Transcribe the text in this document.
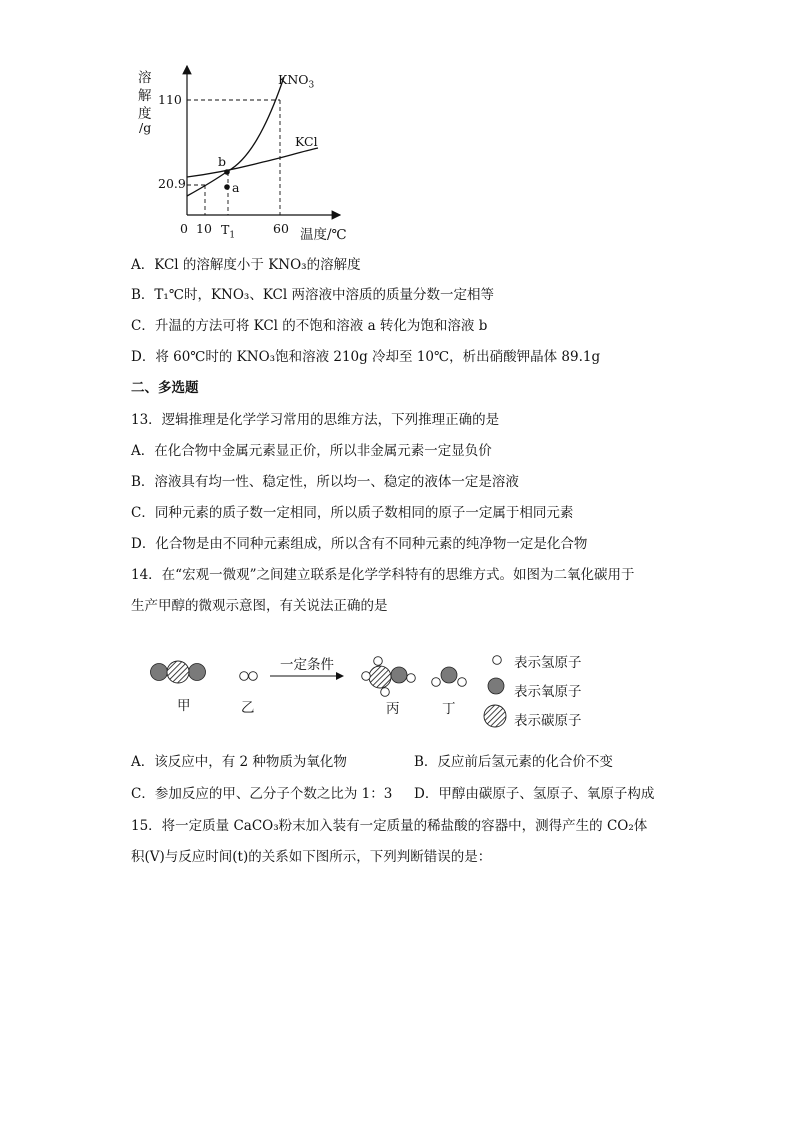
溶
解
度
/g
110
20.9
0 10 $T_1$	60 温度/℃
$KNO_3$
KCl
b
a
A．KCl 的溶解度小于 KNO₃的溶解度
B．T₁℃时，KNO₃、KCl 两溶液中溶质的质量分数一定相等
C．升温的方法可将 KCl 的不饱和溶液 a 转化为饱和溶液 b
D．将 60℃时的 KNO₃饱和溶液 210g 冷却至 10℃，析出硝酸钾晶体 89.1g
二、多选题
13．逻辑推理是化学学习常用的思维方法，下列推理正确的是
A．在化合物中金属元素显正价，所以非金属元素一定显负价
B．溶液具有均一性、稳定性，所以均一、稳定的液体一定是溶液
C．同种元素的质子数一定相同，所以质子数相同的原子一定属于相同元素
D．化合物是由不同种元素组成，所以含有不同种元素的纯净物一定是化合物
14．在“宏观一微观”之间建立联系是化学学科特有的思维方式。如图为二氧化碳用于
生产甲醇的微观示意图，有关说法正确的是
一定条件
甲	乙	丙	丁
表示氢原子
表示氧原子
表示碳原子
A．该反应中，有 2 种物质为氧化物	B．反应前后氢元素的化合价不变
C．参加反应的甲、乙分子个数之比为 1：3 D．甲醇由碳原子、氢原子、氧原子构成
15．将一定质量 CaCO₃粉末加入装有一定质量的稀盐酸的容器中，测得产生的 CO₂体
积(V)与反应时间(t)的关系如下图所示，下列判断错误的是：
